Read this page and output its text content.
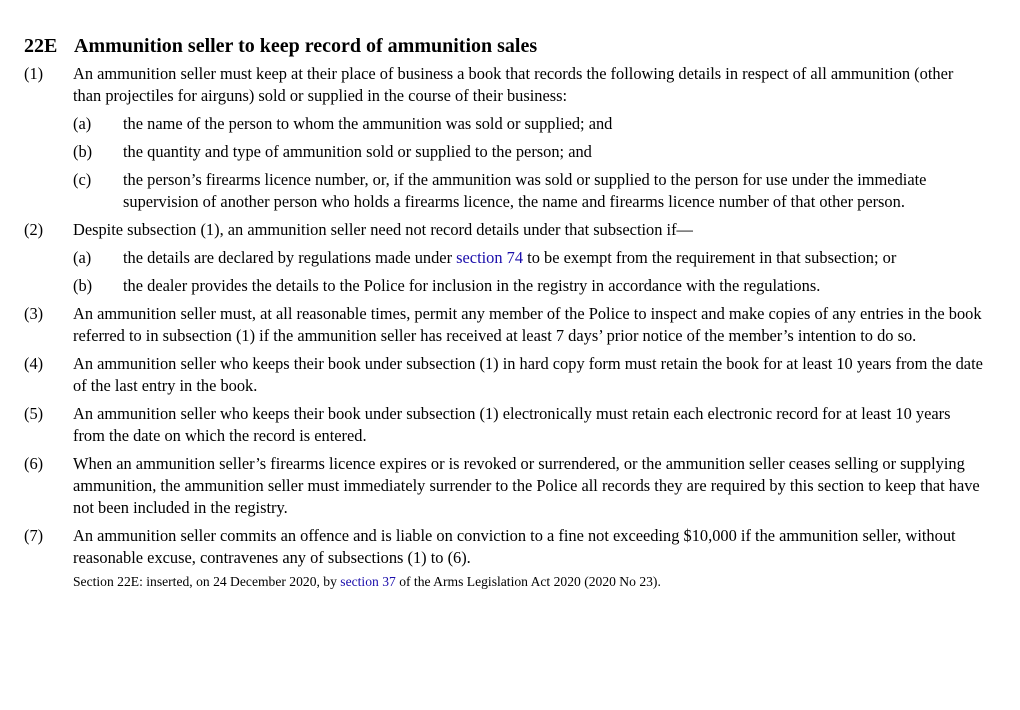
22E Ammunition seller to keep record of ammunition sales
(1)	An ammunition seller must keep at their place of business a book that records the following details in respect of all ammunition (other than projectiles for airguns) sold or supplied in the course of their business:
(a)	the name of the person to whom the ammunition was sold or supplied; and
(b)	the quantity and type of ammunition sold or supplied to the person; and
(c)	the person’s firearms licence number, or, if the ammunition was sold or supplied to the person for use under the immediate supervision of another person who holds a firearms licence, the name and firearms licence number of that other person.
(2)	Despite subsection (1), an ammunition seller need not record details under that subsection if—
(a)	the details are declared by regulations made under section 74 to be exempt from the requirement in that subsection; or
(b)	the dealer provides the details to the Police for inclusion in the registry in accordance with the regulations.
(3)	An ammunition seller must, at all reasonable times, permit any member of the Police to inspect and make copies of any entries in the book referred to in subsection (1) if the ammunition seller has received at least 7 days’ prior notice of the member’s intention to do so.
(4)	An ammunition seller who keeps their book under subsection (1) in hard copy form must retain the book for at least 10 years from the date of the last entry in the book.
(5)	An ammunition seller who keeps their book under subsection (1) electronically must retain each electronic record for at least 10 years from the date on which the record is entered.
(6)	When an ammunition seller’s firearms licence expires or is revoked or surrendered, or the ammunition seller ceases selling or supplying ammunition, the ammunition seller must immediately surrender to the Police all records they are required by this section to keep that have not been included in the registry.
(7)	An ammunition seller commits an offence and is liable on conviction to a fine not exceeding $10,000 if the ammunition seller, without reasonable excuse, contravenes any of subsections (1) to (6).
Section 22E: inserted, on 24 December 2020, by section 37 of the Arms Legislation Act 2020 (2020 No 23).
